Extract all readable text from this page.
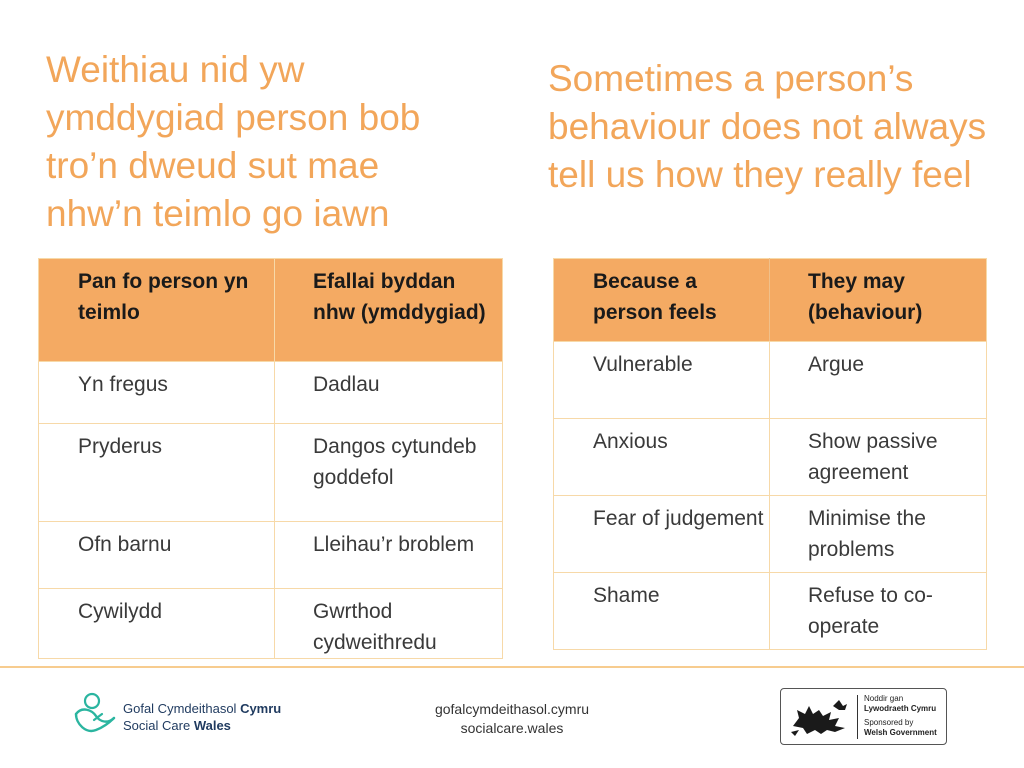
Weithiau nid yw ymddygiad person bob tro’n dweud sut mae nhw’n teimlo go iawn
Sometimes a person’s behaviour does not always tell us how they really feel
Pan fo person yn teimlo	Efallai byddan nhw (ymddygiad)
Yn fregus	Dadlau
Pryderus	Dangos cytundeb goddefol
Ofn barnu	Lleihau’r broblem
Cywilydd	Gwrthod cydweithredu
Because a person feels	They may (behaviour)
Vulnerable	Argue
Anxious	Show passive agreement
Fear of judgement	Minimise the problems
Shame	Refuse to co-operate
Gofal Cymdeithasol Cymru
Social Care Wales
gofalcymdeithasol.cymru
socialcare.wales
Noddir gan
Lywodraeth Cymru
Sponsored by
Welsh Government
